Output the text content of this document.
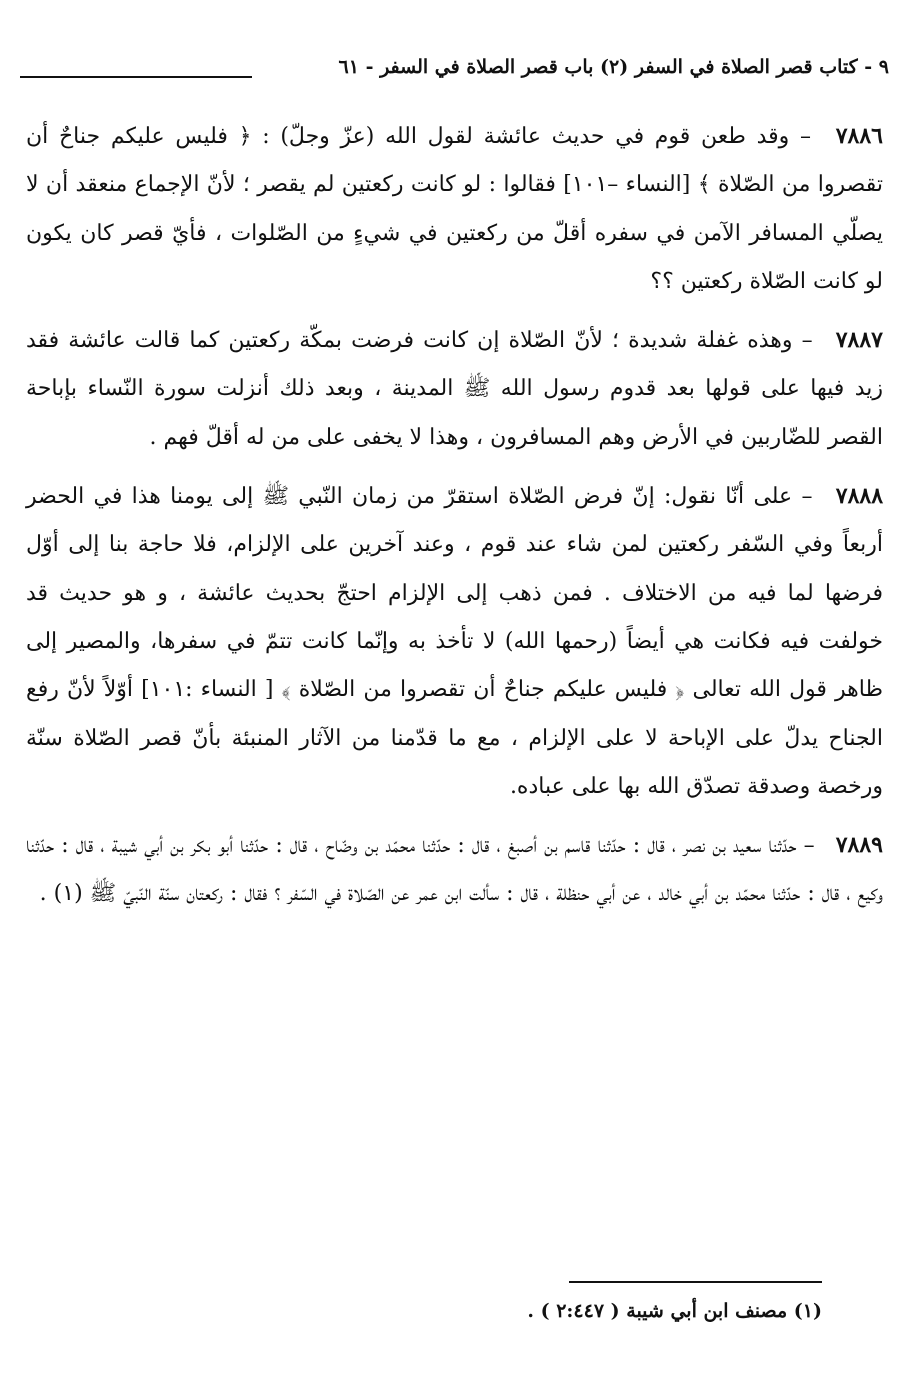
٩ - كتاب قصر الصلاة في السفر (٢) باب قصر الصلاة في السفر - ٦١

٧٨٨٦ – وقد طعن قوم في حديث عائشة لقول الله (عزّ وجلّ) : ﴿ فليس عليكم جناحٌ أن تقصروا من الصّلاة ﴾ [النساء –١٠١] فقالوا : لو كانت ركعتين لم يقصر ؛ لأنّ الإجماع منعقد أن لا يصلّي المسافر الآمن في سفره أقلّ من ركعتين في شيءٍ من الصّلوات ، فأيّ قصر كان يكون لو كانت الصّلاة ركعتين ؟؟

٧٨٨٧ – وهذه غفلة شديدة ؛ لأنّ الصّلاة إن كانت فرضت بمكّة ركعتين كما قالت عائشة فقد زيد فيها على قولها بعد قدوم رسول الله ﷺ المدينة ، وبعد ذلك أنزلت سورة النّساء بإباحة القصر للضّاربين في الأرض وهم المسافرون ، وهذا لا يخفى على من له أقلّ فهم .

٧٨٨٨ – على أنّا نقول: إنّ فرض الصّلاة استقرّ من زمان النّبي ﷺ إلى يومنا هذا في الحضر أربعاً وفي السّفر ركعتين لمن شاء عند قوم ، وعند آخرين على الإلزام، فلا حاجة بنا إلى أوّل فرضها لما فيه من الاختلاف . فمن ذهب إلى الإلزام احتجّ بحديث عائشة ، و هو حديث قد خولفت فيه فكانت هي أيضاً (رحمها الله) لا تأخذ به وإنّما كانت تتمّ في سفرها، والمصير إلى ظاهر قول الله تعالى ﴿ فليس عليكم جناحٌ أن تقصروا من الصّلاة ﴾ [ النساء :١٠١] أوّلاً لأنّ رفع الجناح يدلّ على الإباحة لا على الإلزام ، مع ما قدّمنا من الآثار المنبئة بأنّ قصر الصّلاة سنّة ورخصة وصدقة تصدّق الله بها على عباده.

٧٨٨٩ – حدّثنا سعيد بن نصر ، قال : حدّثنا قاسم بن أصبغ ، قال : حدّثنا محمّد بن وضّاح ، قال : حدّثنا أبو بكر بن أبي شيبة ، قال : حدّثنا وكيع ، قال : حدّثنا محمّد بن أبي خالد ، عن أبي حنظلة ، قال : سألت ابن عمر عن الصّلاة في السّفر ؟ فقال : ركعتان سنّة النّبيّ ﷺ (١) .

(١) مصنف ابن أبي شيبة ( ٢:٤٤٧ ) .
